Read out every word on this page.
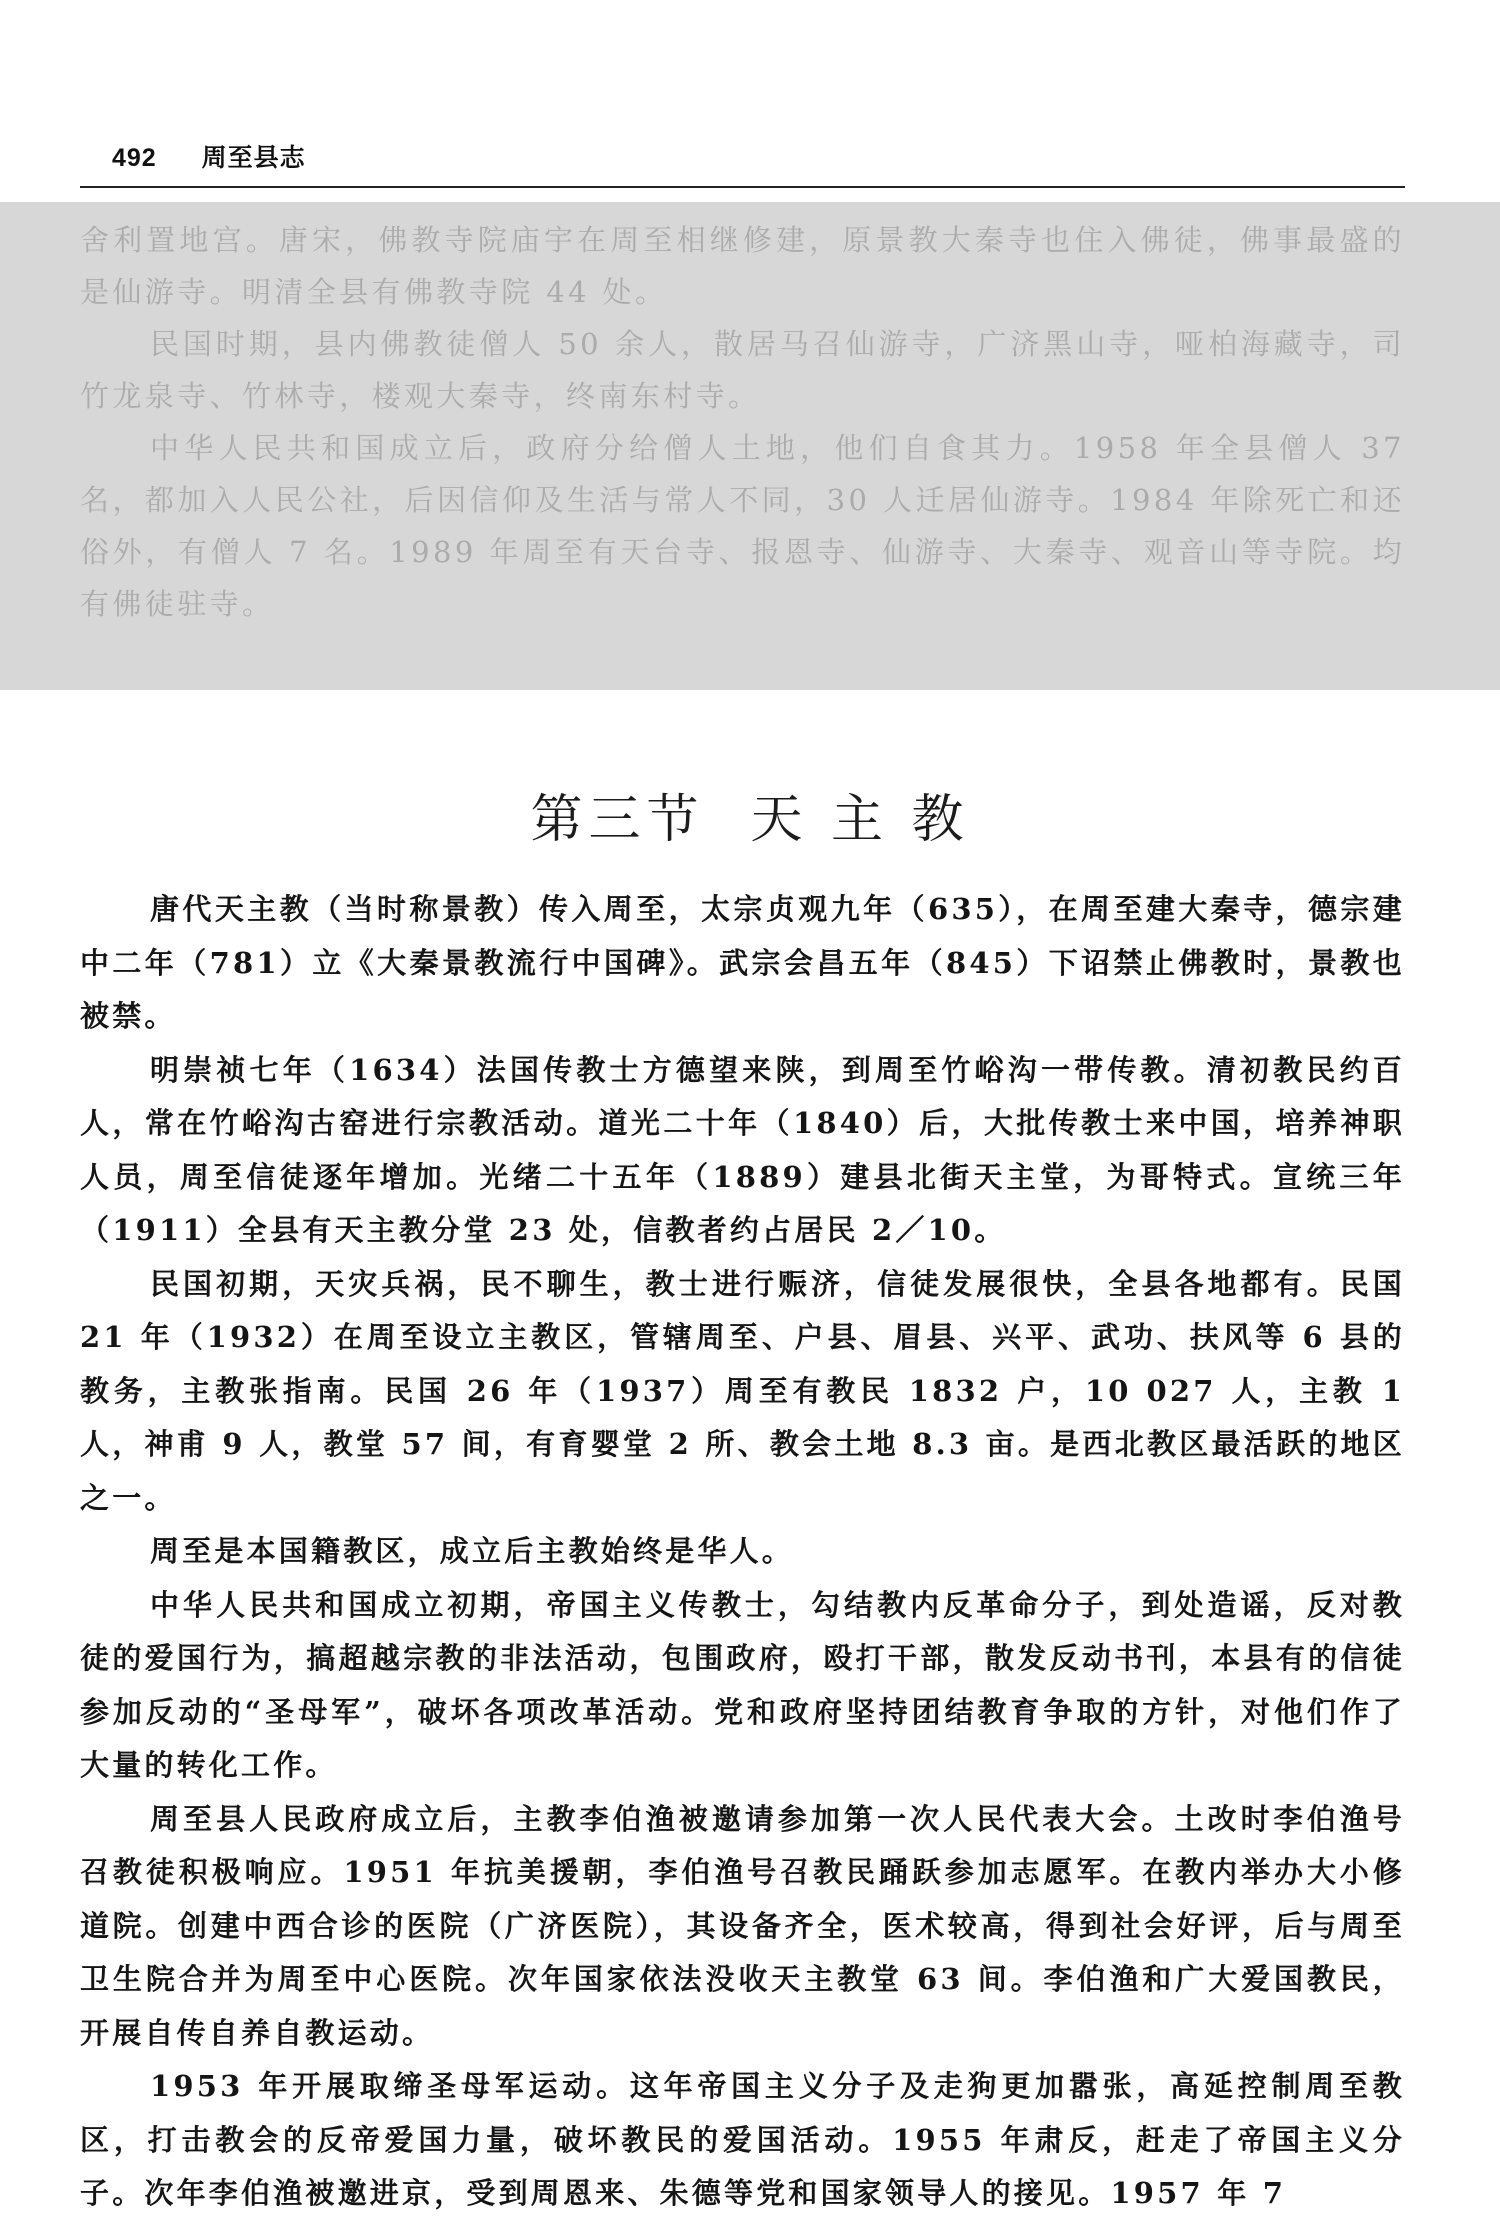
492 周至县志

舍利置地宫。唐宋，佛教寺院庙宇在周至相继修建，原景教大秦寺也住入佛徒，佛事最盛的是仙游寺。明清全县有佛教寺院 44 处。

民国时期，县内佛教徒僧人 50 余人，散居马召仙游寺，广济黑山寺，哑柏海藏寺，司竹龙泉寺、竹林寺，楼观大秦寺，终南东村寺。

中华人民共和国成立后，政府分给僧人土地，他们自食其力。1958 年全县僧人 37 名，都加入人民公社，后因信仰及生活与常人不同，30 人迁居仙游寺。1984 年除死亡和还俗外，有僧人 7 名。1989 年周至有天台寺、报恩寺、仙游寺、大秦寺、观音山等寺院。均有佛徒驻寺。

第三节 天 主 教

唐代天主教（当时称景教）传入周至，太宗贞观九年（635），在周至建大秦寺，德宗建中二年（781）立《大秦景教流行中国碑》。武宗会昌五年（845）下诏禁止佛教时，景教也被禁。

明崇祯七年（1634）法国传教士方德望来陕，到周至竹峪沟一带传教。清初教民约百人，常在竹峪沟古窑进行宗教活动。道光二十年（1840）后，大批传教士来中国，培养神职人员，周至信徒逐年增加。光绪二十五年（1889）建县北街天主堂，为哥特式。宣统三年（1911）全县有天主教分堂 23 处，信教者约占居民 2／10。

民国初期，天灾兵祸，民不聊生，教士进行赈济，信徒发展很快，全县各地都有。民国 21 年（1932）在周至设立主教区，管辖周至、户县、眉县、兴平、武功、扶风等 6 县的教务，主教张指南。民国 26 年（1937）周至有教民 1832 户，10 027 人，主教 1 人，神甫 9 人，教堂 57 间，有育婴堂 2 所、教会土地 8.3 亩。是西北教区最活跃的地区之一。

周至是本国籍教区，成立后主教始终是华人。

中华人民共和国成立初期，帝国主义传教士，勾结教内反革命分子，到处造谣，反对教徒的爱国行为，搞超越宗教的非法活动，包围政府，殴打干部，散发反动书刊，本县有的信徒参加反动的“圣母军”，破坏各项改革活动。党和政府坚持团结教育争取的方针，对他们作了大量的转化工作。

周至县人民政府成立后，主教李伯渔被邀请参加第一次人民代表大会。土改时李伯渔号召教徒积极响应。1951 年抗美援朝，李伯渔号召教民踊跃参加志愿军。在教内举办大小修道院。创建中西合诊的医院（广济医院），其设备齐全，医术较高，得到社会好评，后与周至卫生院合并为周至中心医院。次年国家依法没收天主教堂 63 间。李伯渔和广大爱国教民，开展自传自养自教运动。

1953 年开展取缔圣母军运动。这年帝国主义分子及走狗更加嚣张，高延控制周至教区，打击教会的反帝爱国力量，破坏教民的爱国活动。1955 年肃反，赶走了帝国主义分子。次年李伯渔被邀进京，受到周恩来、朱德等党和国家领导人的接见。1957 年 7
